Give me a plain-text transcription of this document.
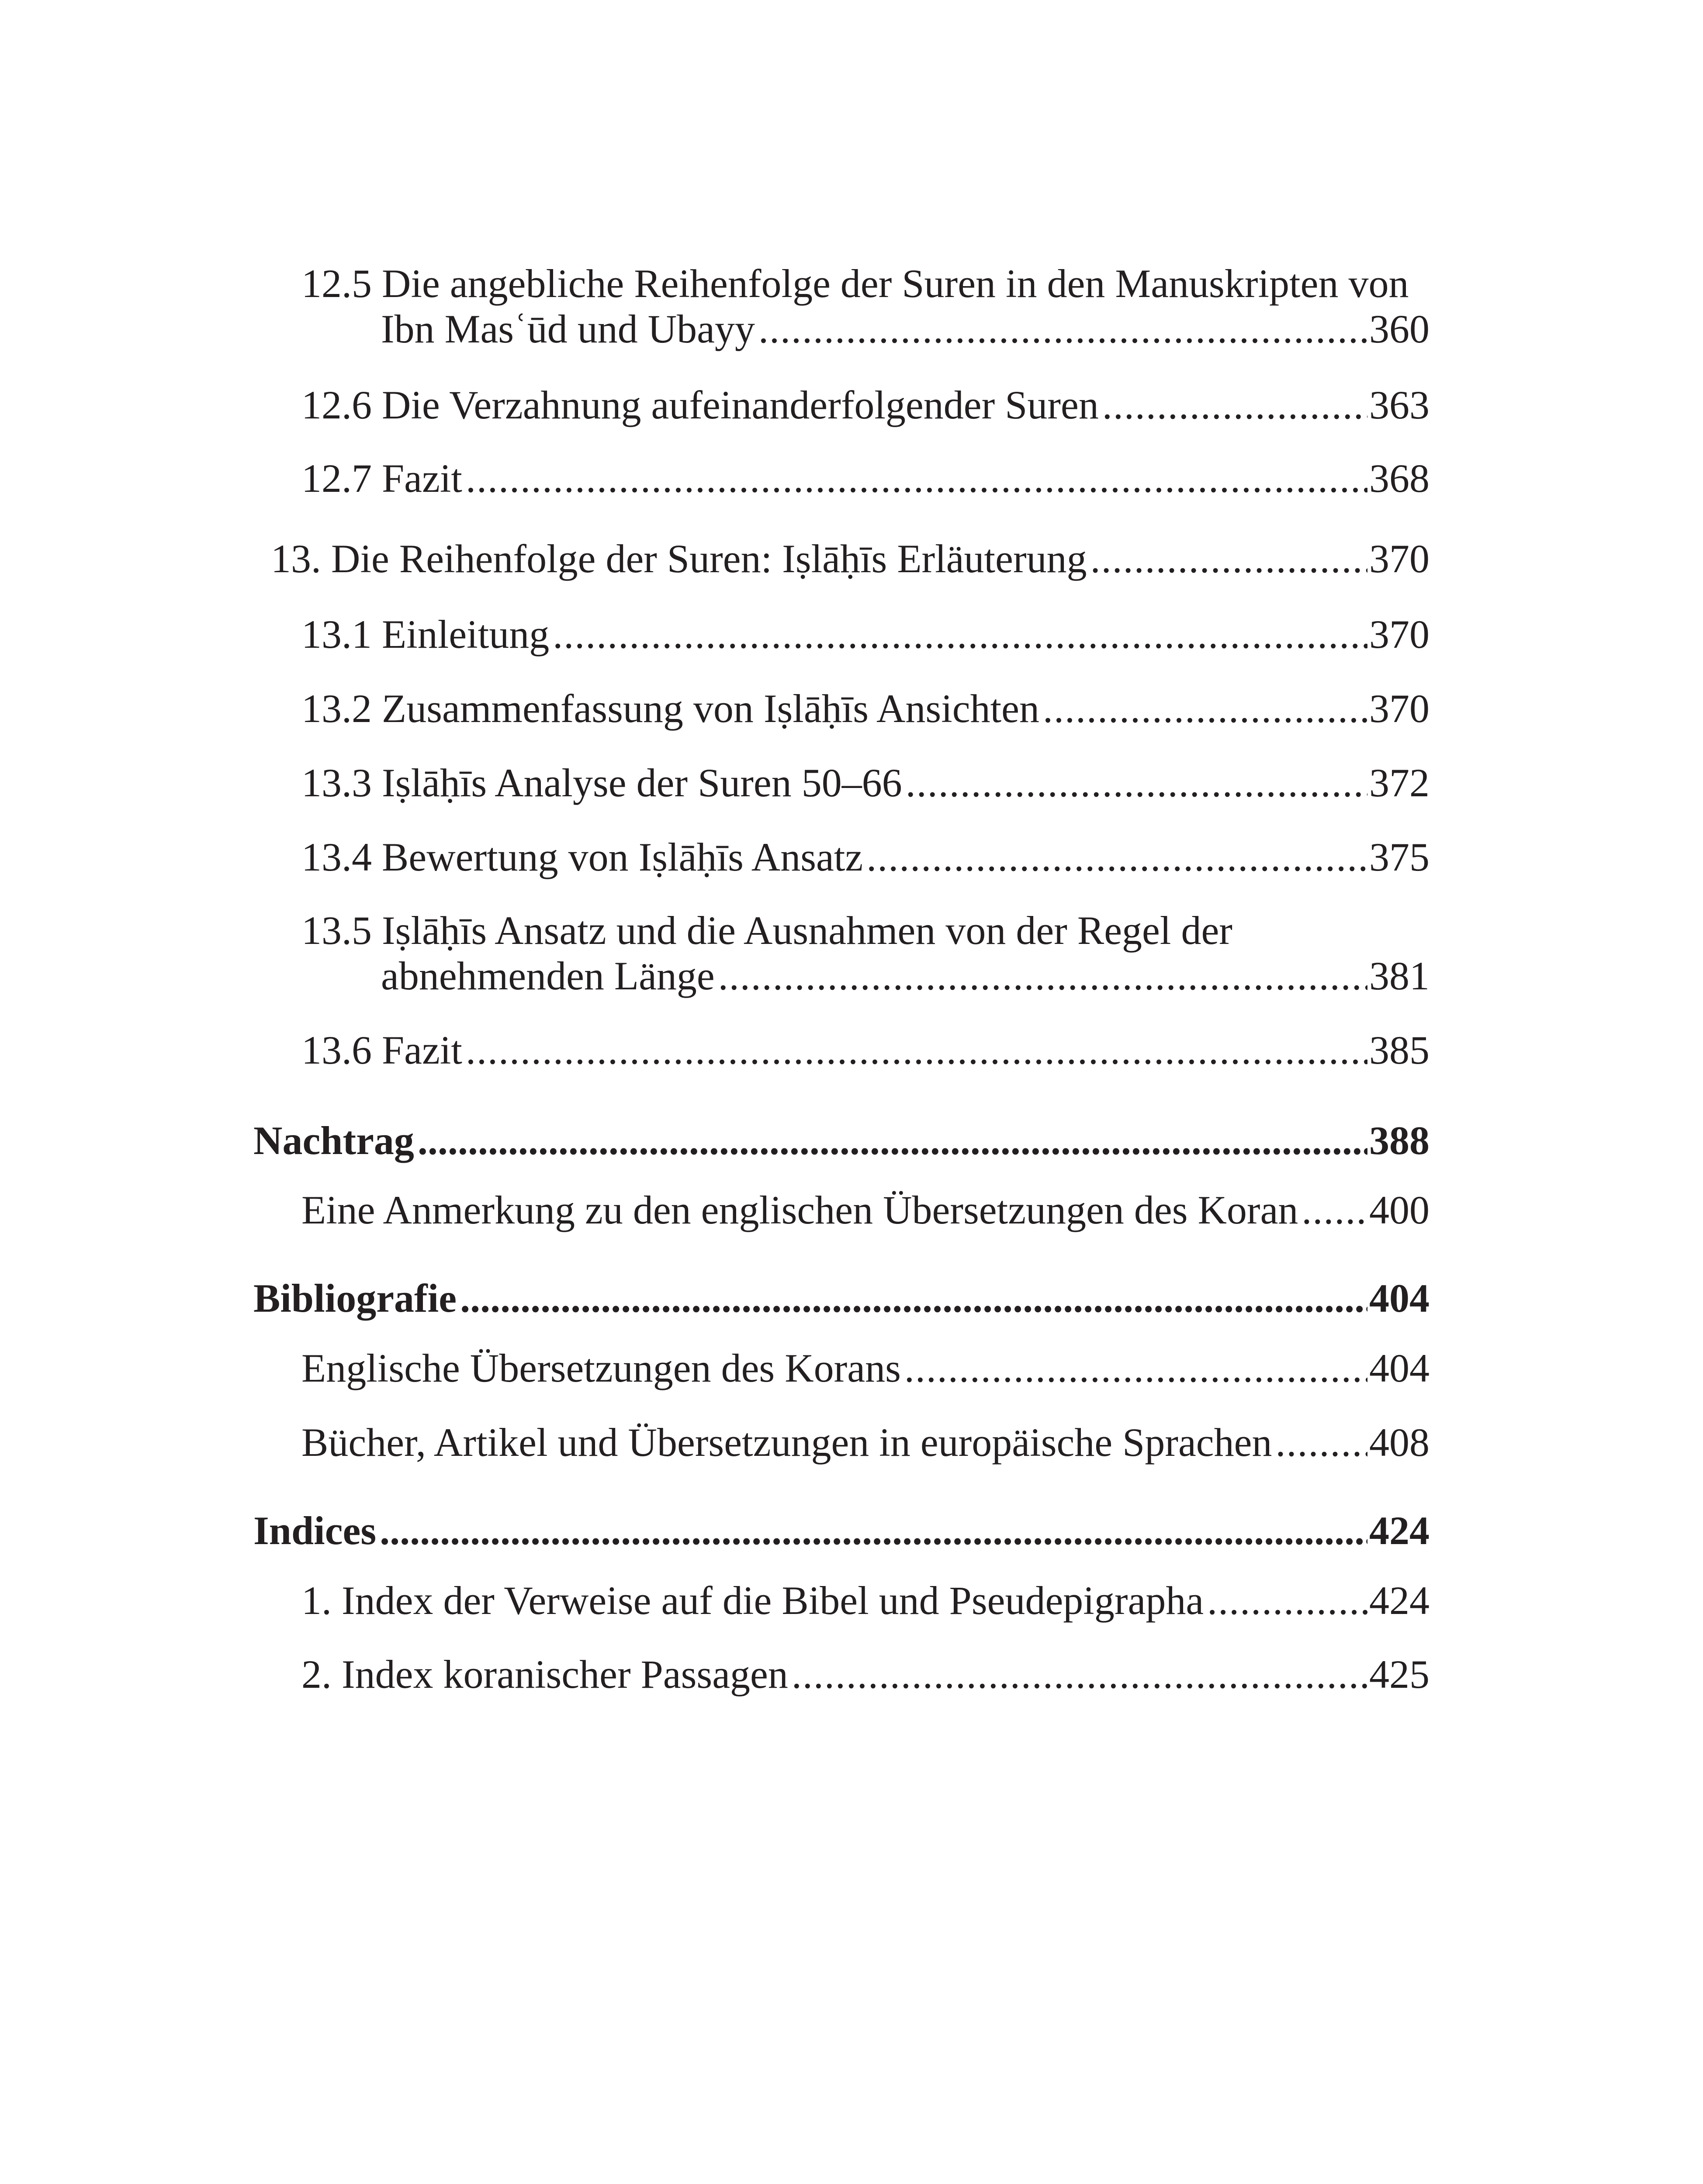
12.5 Die angebliche Reihenfolge der Suren in den Manuskripten von
Ibn Masʿūd und Ubayy .....	360
12.6 Die Verzahnung aufeinanderfolgender Suren .....	363
12.7 Fazit .....	368
13. Die Reihenfolge der Suren: Iṣlāḥīs Erläuterung .....	370
13.1 Einleitung .....	370
13.2 Zusammenfassung von Iṣlāḥīs Ansichten .....	370
13.3 Iṣlāḥīs Analyse der Suren 50–66 .....	372
13.4 Bewertung von Iṣlāḥīs Ansatz .....	375
13.5 Iṣlāḥīs Ansatz und die Ausnahmen von der Regel der
abnehmenden Länge .....	381
13.6 Fazit .....	385
Nachtrag .....	388
Eine Anmerkung zu den englischen Übersetzungen des Koran ..... 400
Bibliografie .....	404
Englische Übersetzungen des Korans .....	404
Bücher, Artikel und Übersetzungen in europäische Sprachen ..... 408
Indices .....	424
1. Index der Verweise auf die Bibel und Pseudepigrapha .....	424
2. Index koranischer Passagen .....	425
